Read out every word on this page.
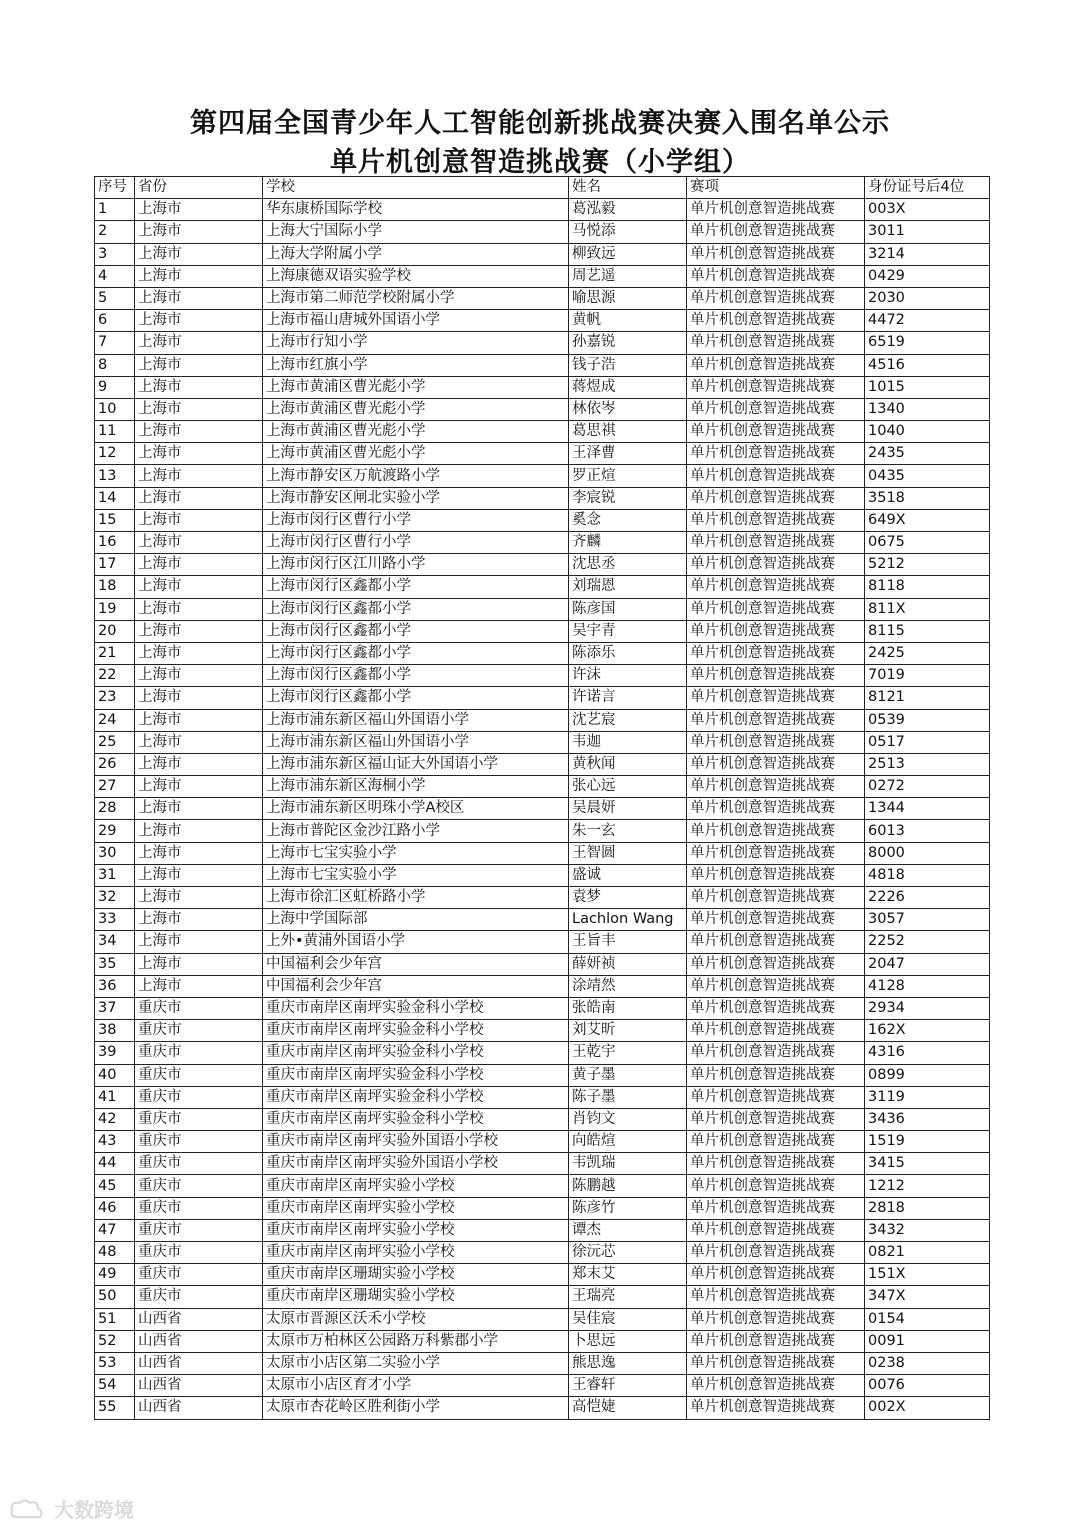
第四届全国青少年人工智能创新挑战赛决赛入围名单公示
单片机创意智造挑战赛（小学组）
序号	省份	学校	姓名	赛项	身份证号后4位
1	上海市	华东康桥国际学校	葛泓毅	单片机创意智造挑战赛	003X
2	上海市	上海大宁国际小学	马悦添	单片机创意智造挑战赛	3011
3	上海市	上海大学附属小学	柳致远	单片机创意智造挑战赛	3214
4	上海市	上海康德双语实验学校	周艺遥	单片机创意智造挑战赛	0429
5	上海市	上海市第二师范学校附属小学	喻思源	单片机创意智造挑战赛	2030
6	上海市	上海市福山唐城外国语小学	黄帆	单片机创意智造挑战赛	4472
7	上海市	上海市行知小学	孙嘉锐	单片机创意智造挑战赛	6519
8	上海市	上海市红旗小学	钱子浩	单片机创意智造挑战赛	4516
9	上海市	上海市黄浦区曹光彪小学	蒋煜成	单片机创意智造挑战赛	1015
10	上海市	上海市黄浦区曹光彪小学	林依岑	单片机创意智造挑战赛	1340
11	上海市	上海市黄浦区曹光彪小学	葛思祺	单片机创意智造挑战赛	1040
12	上海市	上海市黄浦区曹光彪小学	王泽曹	单片机创意智造挑战赛	2435
13	上海市	上海市静安区万航渡路小学	罗正煊	单片机创意智造挑战赛	0435
14	上海市	上海市静安区闸北实验小学	李宸锐	单片机创意智造挑战赛	3518
15	上海市	上海市闵行区曹行小学	奚念	单片机创意智造挑战赛	649X
16	上海市	上海市闵行区曹行小学	齐麟	单片机创意智造挑战赛	0675
17	上海市	上海市闵行区江川路小学	沈思丞	单片机创意智造挑战赛	5212
18	上海市	上海市闵行区鑫都小学	刘瑞恩	单片机创意智造挑战赛	8118
19	上海市	上海市闵行区鑫都小学	陈彦国	单片机创意智造挑战赛	811X
20	上海市	上海市闵行区鑫都小学	吴宇青	单片机创意智造挑战赛	8115
21	上海市	上海市闵行区鑫都小学	陈添乐	单片机创意智造挑战赛	2425
22	上海市	上海市闵行区鑫都小学	许沫	单片机创意智造挑战赛	7019
23	上海市	上海市闵行区鑫都小学	许诺言	单片机创意智造挑战赛	8121
24	上海市	上海市浦东新区福山外国语小学	沈艺宸	单片机创意智造挑战赛	0539
25	上海市	上海市浦东新区福山外国语小学	韦迦	单片机创意智造挑战赛	0517
26	上海市	上海市浦东新区福山证大外国语小学	黄秋闻	单片机创意智造挑战赛	2513
27	上海市	上海市浦东新区海桐小学	张心远	单片机创意智造挑战赛	0272
28	上海市	上海市浦东新区明珠小学A校区	吴晨妍	单片机创意智造挑战赛	1344
29	上海市	上海市普陀区金沙江路小学	朱一玄	单片机创意智造挑战赛	6013
30	上海市	上海市七宝实验小学	王智圆	单片机创意智造挑战赛	8000
31	上海市	上海市七宝实验小学	盛诚	单片机创意智造挑战赛	4818
32	上海市	上海市徐汇区虹桥路小学	袁梦	单片机创意智造挑战赛	2226
33	上海市	上海中学国际部	Lachlon Wang	单片机创意智造挑战赛	3057
34	上海市	上外•黄浦外国语小学	王旨丰	单片机创意智造挑战赛	2252
35	上海市	中国福利会少年宫	薛妍祯	单片机创意智造挑战赛	2047
36	上海市	中国福利会少年宫	涂靖然	单片机创意智造挑战赛	4128
37	重庆市	重庆市南岸区南坪实验金科小学校	张皓南	单片机创意智造挑战赛	2934
38	重庆市	重庆市南岸区南坪实验金科小学校	刘艾昕	单片机创意智造挑战赛	162X
39	重庆市	重庆市南岸区南坪实验金科小学校	王乾宇	单片机创意智造挑战赛	4316
40	重庆市	重庆市南岸区南坪实验金科小学校	黄子墨	单片机创意智造挑战赛	0899
41	重庆市	重庆市南岸区南坪实验金科小学校	陈子墨	单片机创意智造挑战赛	3119
42	重庆市	重庆市南岸区南坪实验金科小学校	肖钧文	单片机创意智造挑战赛	3436
43	重庆市	重庆市南岸区南坪实验外国语小学校	向皓煊	单片机创意智造挑战赛	1519
44	重庆市	重庆市南岸区南坪实验外国语小学校	韦凯瑞	单片机创意智造挑战赛	3415
45	重庆市	重庆市南岸区南坪实验小学校	陈鹏越	单片机创意智造挑战赛	1212
46	重庆市	重庆市南岸区南坪实验小学校	陈彦竹	单片机创意智造挑战赛	2818
47	重庆市	重庆市南岸区南坪实验小学校	谭杰	单片机创意智造挑战赛	3432
48	重庆市	重庆市南岸区南坪实验小学校	徐沅芯	单片机创意智造挑战赛	0821
49	重庆市	重庆市南岸区珊瑚实验小学校	郑末艾	单片机创意智造挑战赛	151X
50	重庆市	重庆市南岸区珊瑚实验小学校	王瑞亮	单片机创意智造挑战赛	347X
51	山西省	太原市晋源区沃禾小学校	吴佳宸	单片机创意智造挑战赛	0154
52	山西省	太原市万柏林区公园路万科紫郡小学	卜思远	单片机创意智造挑战赛	0091
53	山西省	太原市小店区第二实验小学	熊思逸	单片机创意智造挑战赛	0238
54	山西省	太原市小店区育才小学	王睿轩	单片机创意智造挑战赛	0076
55	山西省	太原市杏花岭区胜利街小学	高恺婕	单片机创意智造挑战赛	002X
大数跨境
